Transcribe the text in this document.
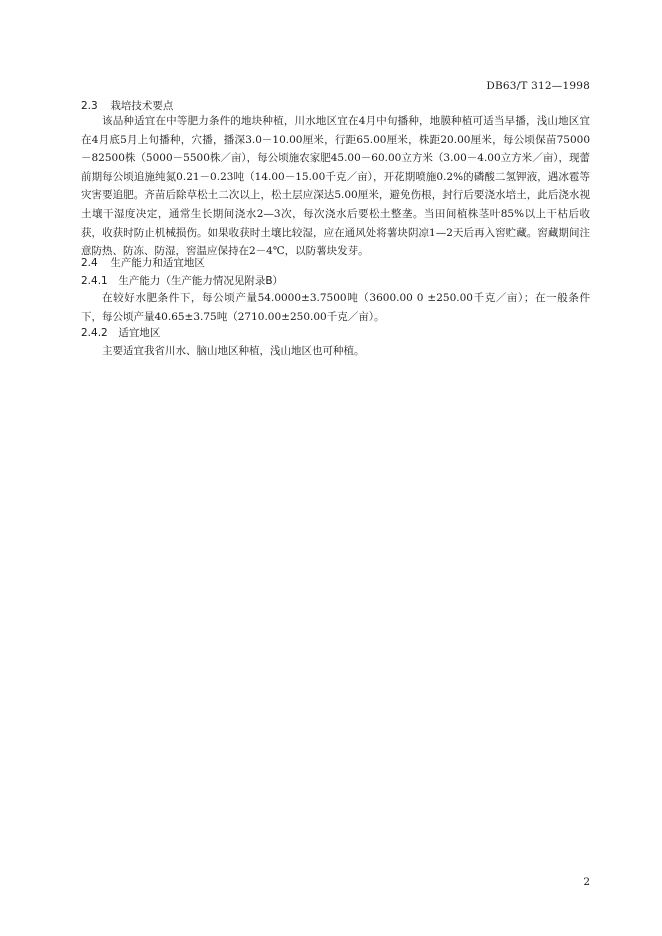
DB63/T 312—1998
2.3 栽培技术要点

该品种适宜在中等肥力条件的地块种植，川水地区宜在4月中旬播种，地膜种植可适当早播，浅山地区宜在4月底5月上旬播种，穴播，播深3.0－10.00厘米，行距65.00厘米，株距20.00厘米，每公顷保苗75000－82500株（5000－5500株／亩），每公顷施农家肥45.00－60.00立方米（3.00－4.00立方米／亩），现蕾前期每公顷追施纯氮0.21－0.23吨（14.00－15.00千克／亩），开花期喷施0.2%的磷酸二氢钾液，遇冰雹等灾害要追肥。齐苗后除草松土二次以上，松土层应深达5.00厘米，避免伤根，封行后要浇水培土，此后浇水视土壤干湿度决定，通常生长期间浇水2—3次，每次浇水后要松土整垄。当田间植株茎叶85%以上干枯后收获，收获时防止机械损伤。如果收获时土壤比较湿，应在通风处将薯块阴凉1—2天后再入窖贮藏。窖藏期间注意防热、防冻、防湿，窖温应保持在2－4℃，以防薯块发芽。

2.4 生产能力和适宜地区
2.4.1 生产能力（生产能力情况见附录B）

在较好水肥条件下，每公顷产量54.0000±3.7500吨（3600.00 0 ±250.00千克／亩）；在一般条件下，每公顷产量40.65±3.75吨（2710.00±250.00千克／亩）。

2.4.2 适宜地区

主要适宜我省川水、脑山地区种植，浅山地区也可种植。

2
